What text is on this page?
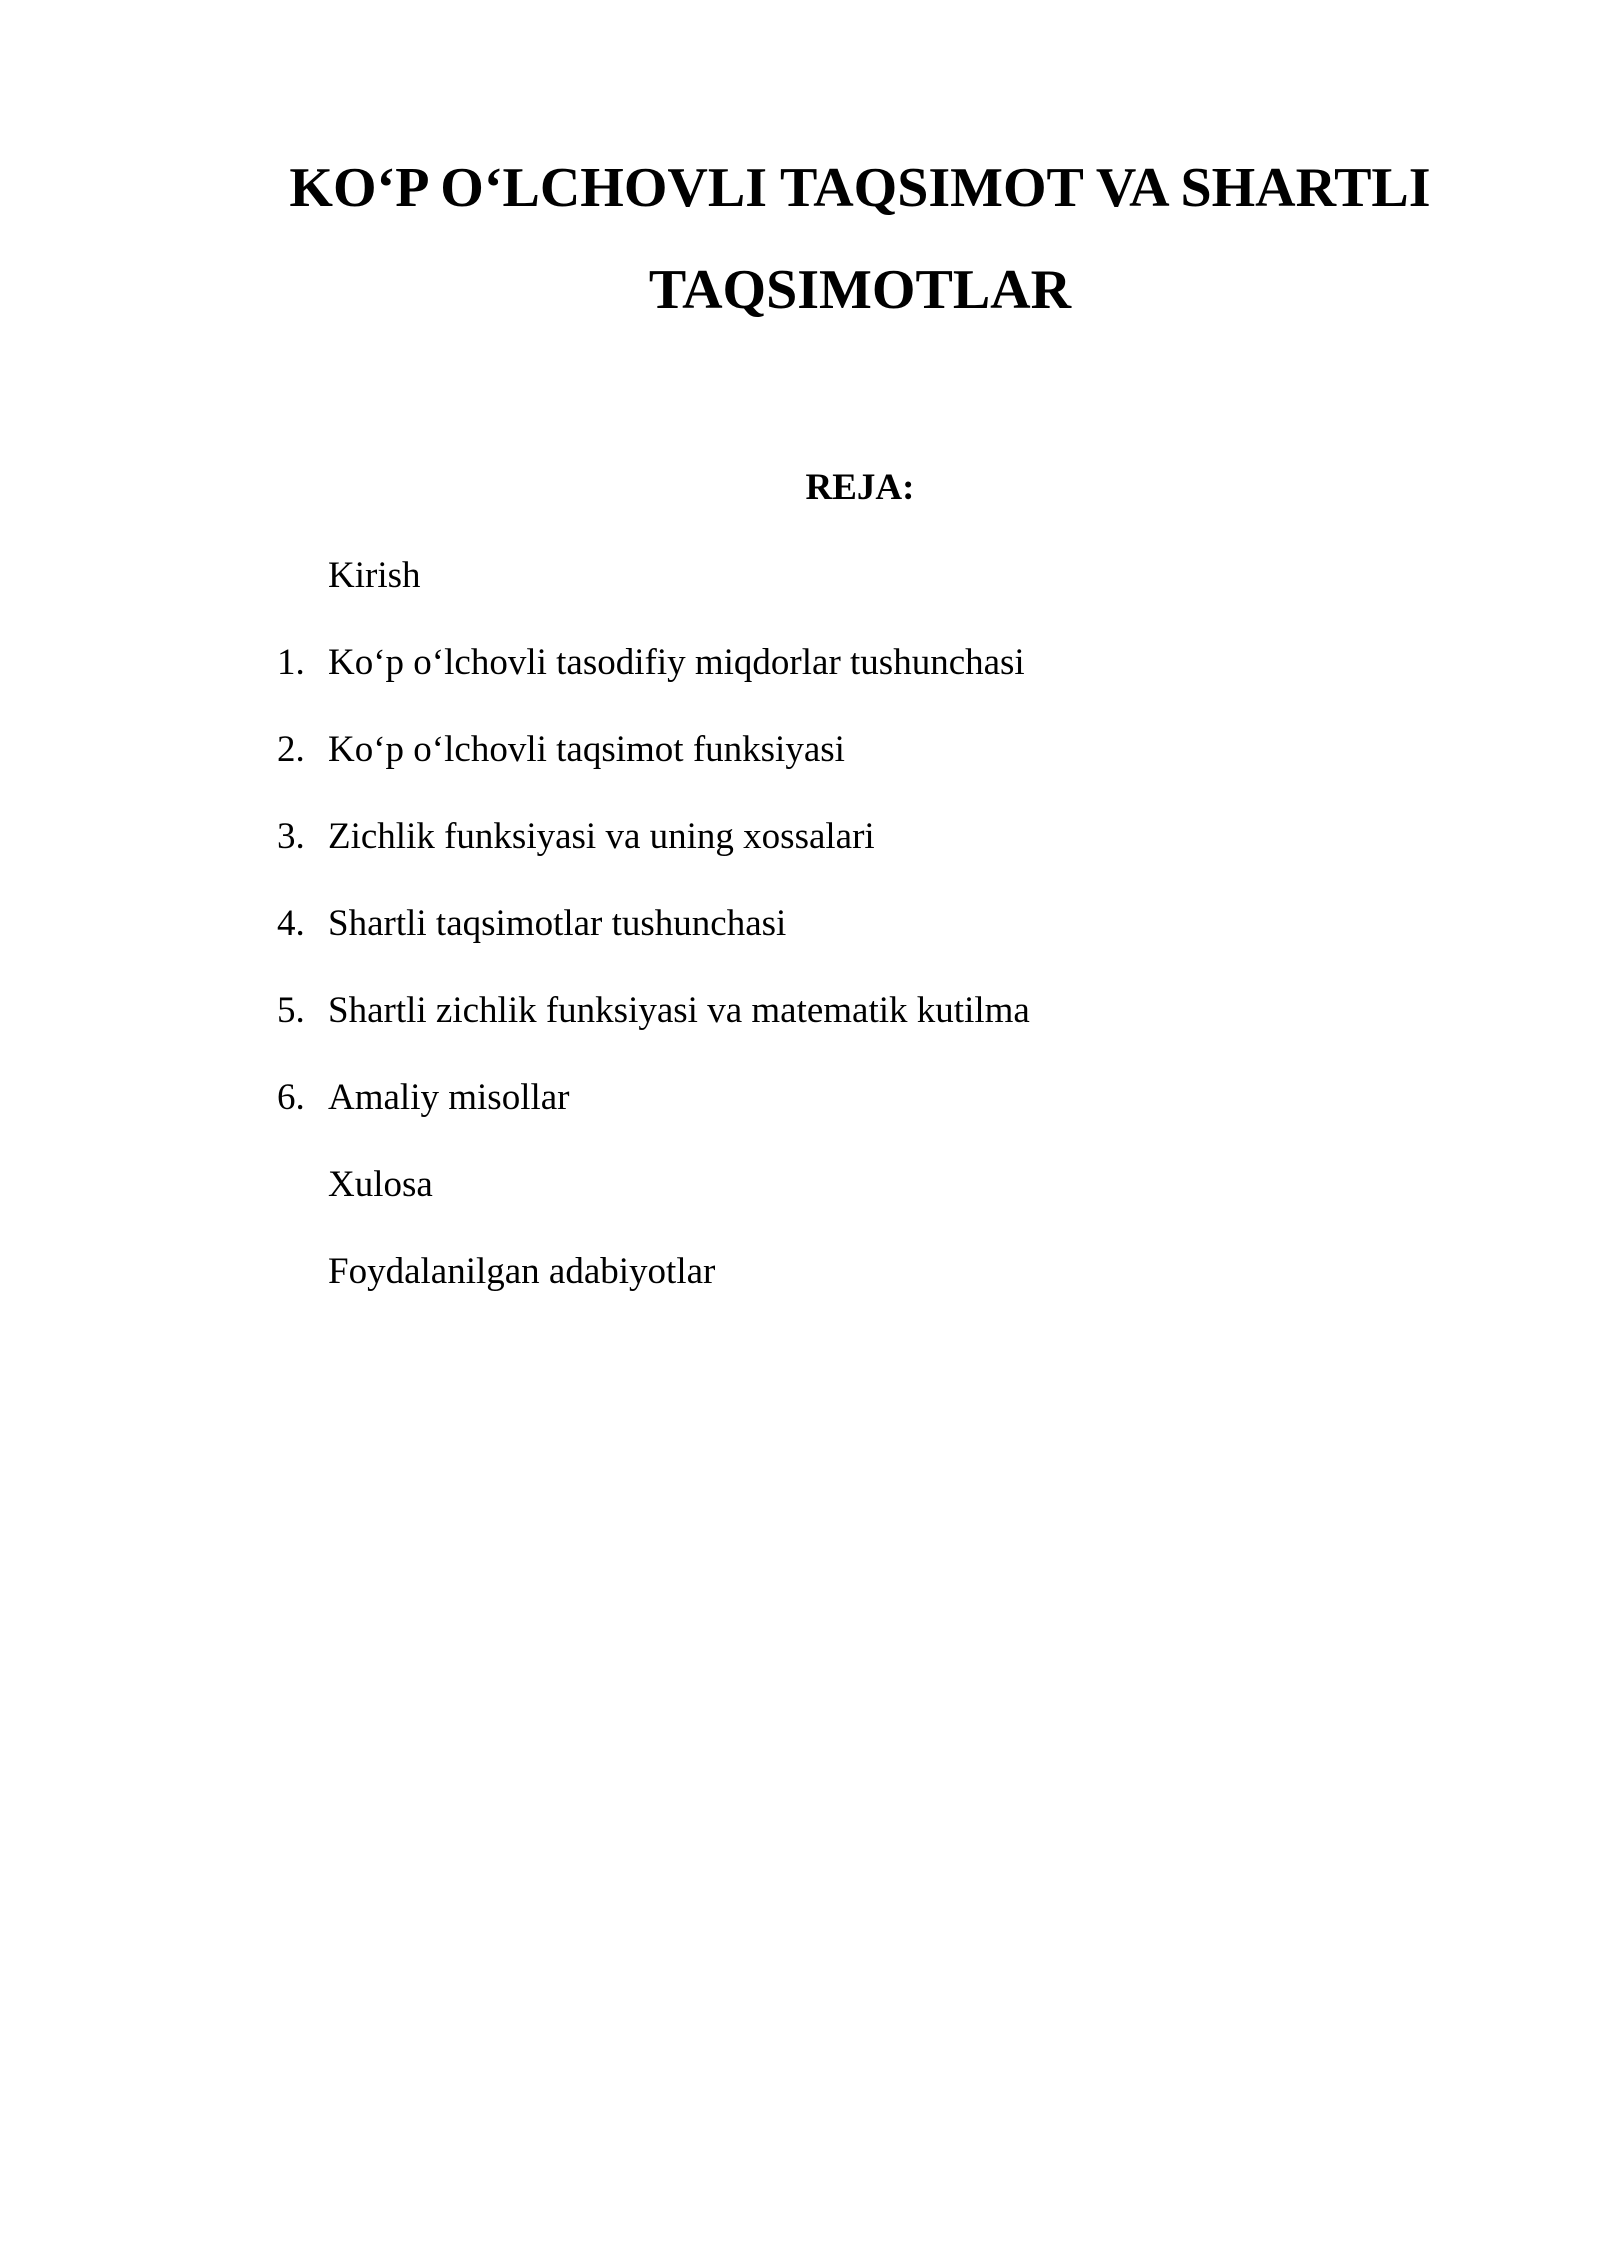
KO‘P O‘LCHOVLI TAQSIMOT VA SHARTLI
TAQSIMOTLAR
REJA:
Kirish
1. Ko‘p o‘lchovli tasodifiy miqdorlar tushunchasi
2. Ko‘p o‘lchovli taqsimot funksiyasi
3. Zichlik funksiyasi va uning xossalari
4. Shartli taqsimotlar tushunchasi
5. Shartli zichlik funksiyasi va matematik kutilma
6. Amaliy misollar
Xulosa
Foydalanilgan adabiyotlar
